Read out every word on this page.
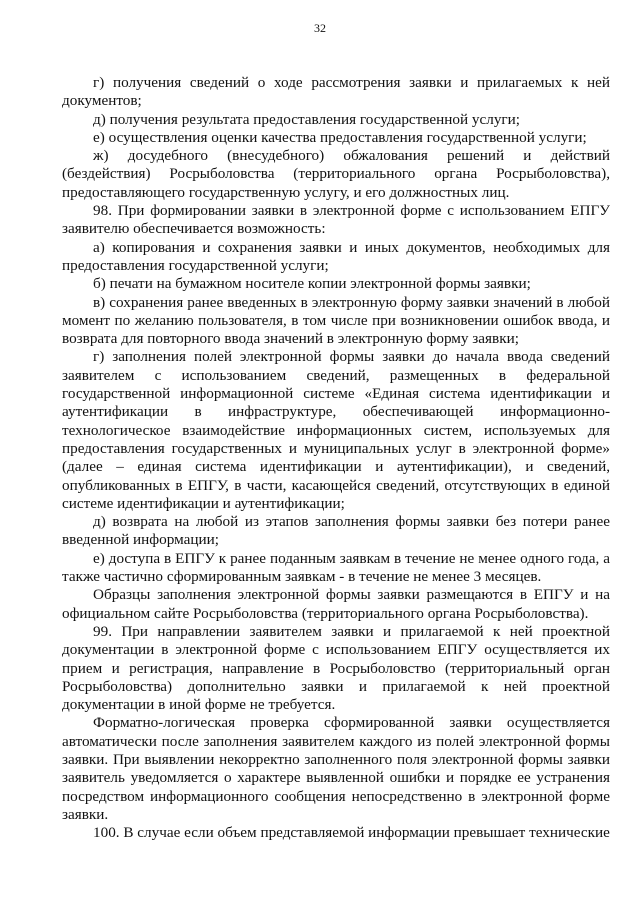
32

г) получения сведений о ходе рассмотрения заявки и прилагаемых к ней документов;

д) получения результата предоставления государственной услуги;

е) осуществления оценки качества предоставления государственной услуги;

ж) досудебного (внесудебного) обжалования решений и действий (бездействия) Росрыболовства (территориального органа Росрыболовства), предоставляющего государственную услугу, и его должностных лиц.

98. При формировании заявки в электронной форме с использованием ЕПГУ заявителю обеспечивается возможность:

а) копирования и сохранения заявки и иных документов, необходимых для предоставления государственной услуги;

б) печати на бумажном носителе копии электронной формы заявки;

в) сохранения ранее введенных в электронную форму заявки значений в любой момент по желанию пользователя, в том числе при возникновении ошибок ввода, и возврата для повторного ввода значений в электронную форму заявки;

г) заполнения полей электронной формы заявки до начала ввода сведений заявителем с использованием сведений, размещенных в федеральной государственной информационной системе «Единая система идентификации и аутентификации в инфраструктуре, обеспечивающей информационно-технологическое взаимодействие информационных систем, используемых для предоставления государственных и муниципальных услуг в электронной форме» (далее – единая система идентификации и аутентификации), и сведений, опубликованных в ЕПГУ, в части, касающейся сведений, отсутствующих в единой системе идентификации и аутентификации;

д) возврата на любой из этапов заполнения формы заявки без потери ранее введенной информации;

е) доступа в ЕПГУ к ранее поданным заявкам в течение не менее одного года, а также частично сформированным заявкам - в течение не менее 3 месяцев.

Образцы заполнения электронной формы заявки размещаются в ЕПГУ и на официальном сайте Росрыболовства (территориального органа Росрыболовства).

99. При направлении заявителем заявки и прилагаемой к ней проектной документации в электронной форме с использованием ЕПГУ осуществляется их прием и регистрация, направление в Росрыболовство (территориальный орган Росрыболовства) дополнительно заявки и прилагаемой к ней проектной документации в иной форме не требуется.

Форматно-логическая проверка сформированной заявки осуществляется автоматически после заполнения заявителем каждого из полей электронной формы заявки. При выявлении некорректно заполненного поля электронной формы заявки заявитель уведомляется о характере выявленной ошибки и порядке ее устранения посредством информационного сообщения непосредственно в электронной форме заявки.

100. В случае если объем представляемой информации превышает технические
